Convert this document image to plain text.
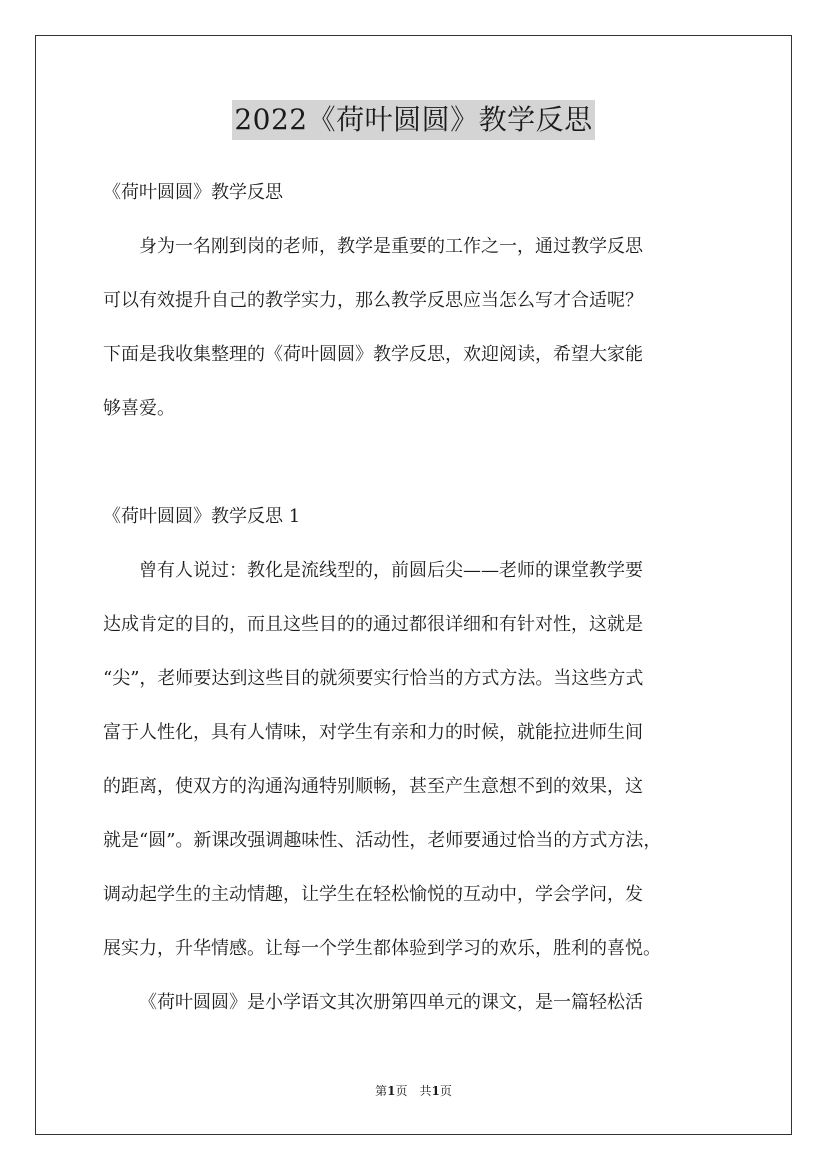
2022《荷叶圆圆》教学反思

《荷叶圆圆》教学反思

身为一名刚到岗的老师，教学是重要的工作之一，通过教学反思

可以有效提升自己的教学实力，那么教学反思应当怎么写才合适呢？

下面是我收集整理的《荷叶圆圆》教学反思，欢迎阅读，希望大家能

够喜爱。

《荷叶圆圆》教学反思 1

曾有人说过：教化是流线型的，前圆后尖——老师的课堂教学要

达成肯定的目的，而且这些目的的通过都很详细和有针对性，这就是

“尖”，老师要达到这些目的就须要实行恰当的方式方法。当这些方式

富于人性化，具有人情味，对学生有亲和力的时候，就能拉进师生间

的距离，使双方的沟通沟通特别顺畅，甚至产生意想不到的效果，这

就是“圆”。新课改强调趣味性、活动性，老师要通过恰当的方式方法，

调动起学生的主动情趣，让学生在轻松愉悦的互动中，学会学问，发

展实力，升华情感。让每一个学生都体验到学习的欢乐，胜利的喜悦。

《荷叶圆圆》是小学语文其次册第四单元的课文，是一篇轻松活

第1页　共1页
